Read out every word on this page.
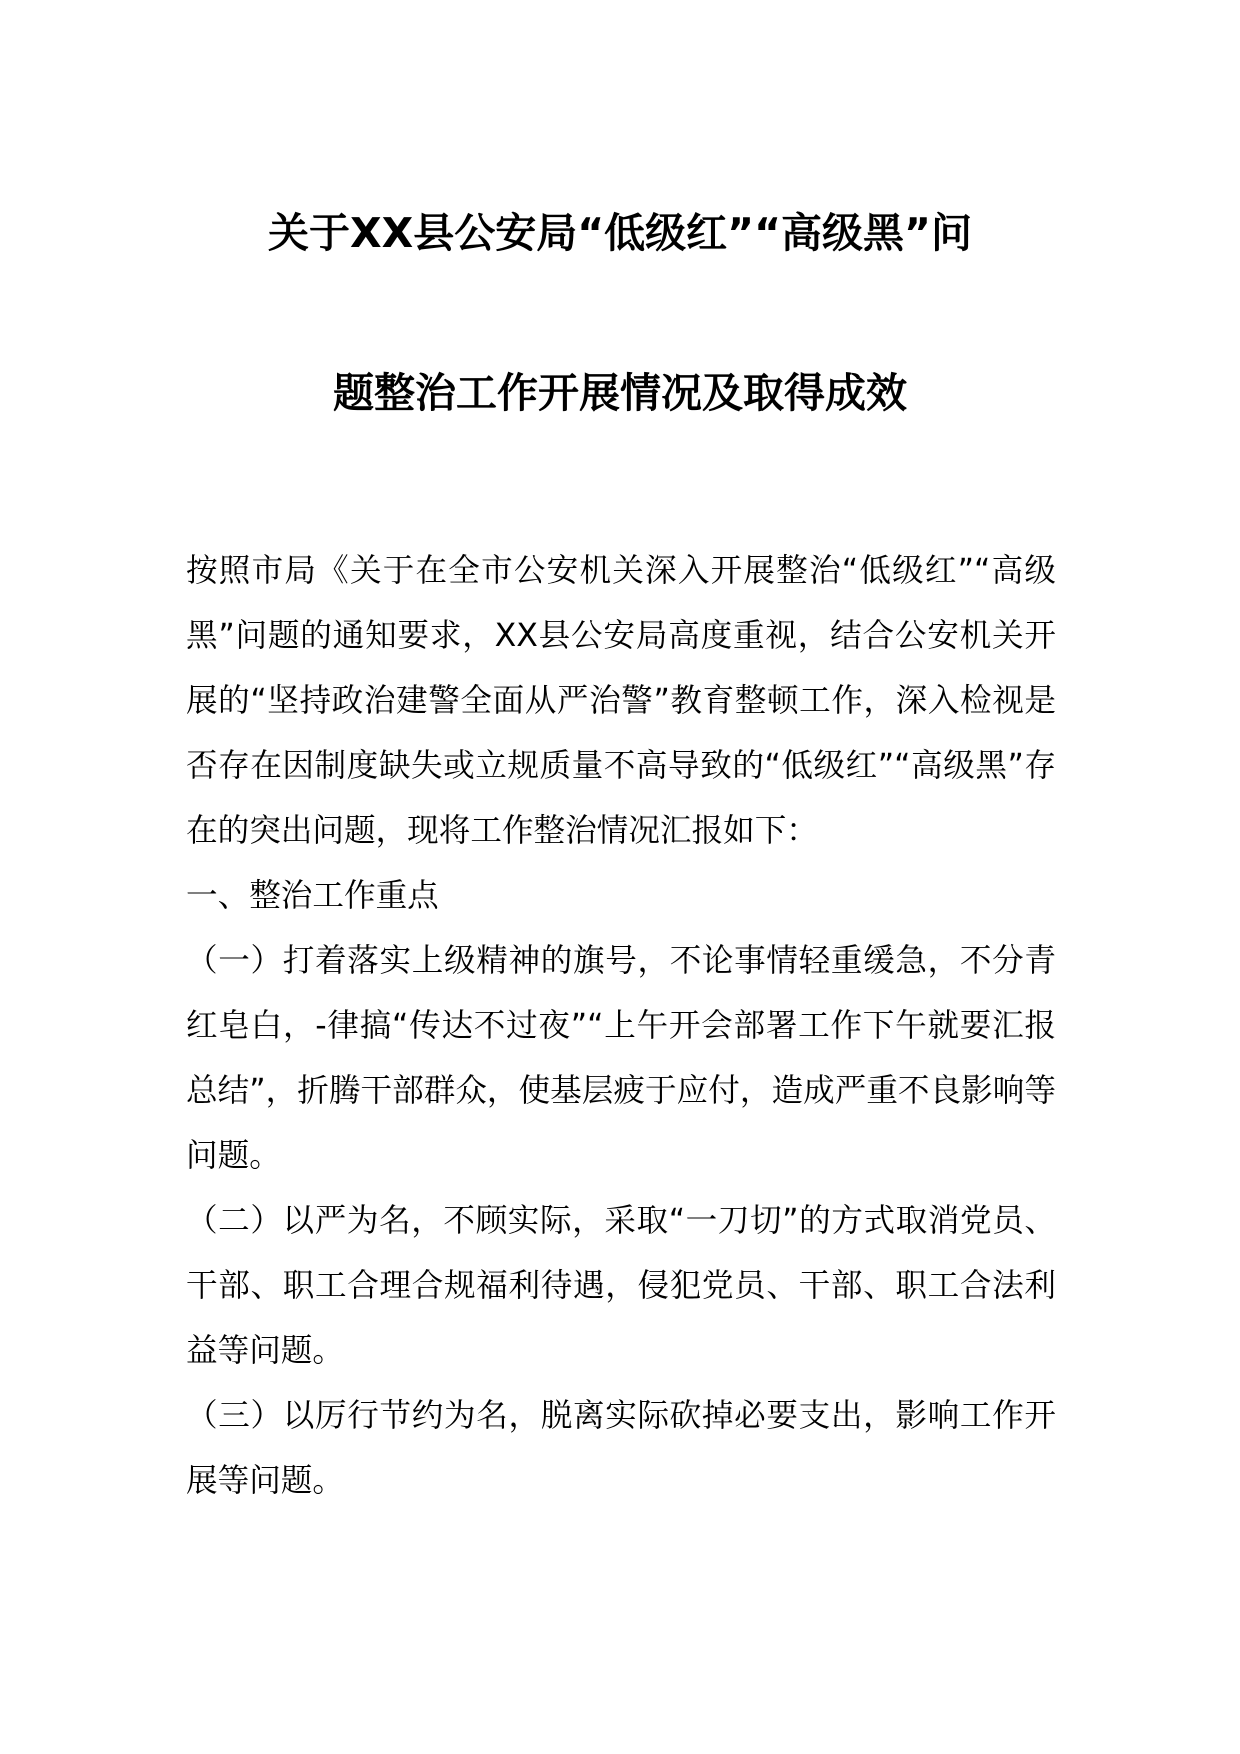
关于XX县公安局“低级红”“高级黑”问
题整治工作开展情况及取得成效

按照市局《关于在全市公安机关深入开展整治“低级红”“高级黑”问题的通知要求，XX县公安局高度重视，结合公安机关开展的“坚持政治建警全面从严治警”教育整顿工作，深入检视是否存在因制度缺失或立规质量不高导致的“低级红”“高级黑”存在的突出问题，现将工作整治情况汇报如下：

一、整治工作重点

（一）打着落实上级精神的旗号，不论事情轻重缓急，不分青红皂白，-律搞“传达不过夜”“上午开会部署工作下午就要汇报总结”，折腾干部群众，使基层疲于应付，造成严重不良影响等问题。

（二）以严为名，不顾实际，采取“一刀切”的方式取消党员、干部、职工合理合规福利待遇，侵犯党员、干部、职工合法利益等问题。

（三）以厉行节约为名，脱离实际砍掉必要支出，影响工作开展等问题。
